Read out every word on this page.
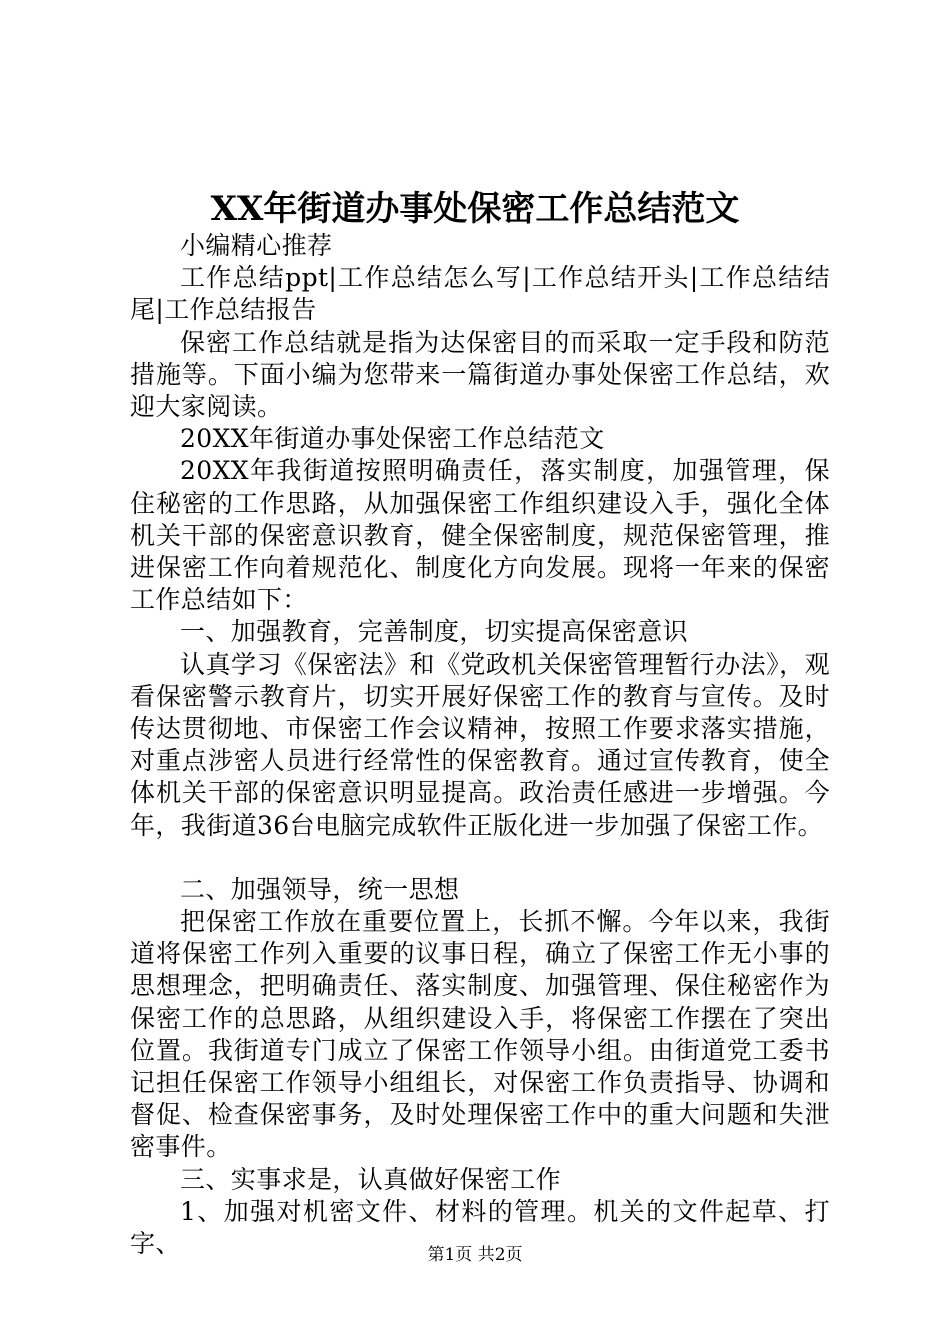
XX年街道办事处保密工作总结范文

小编精心推荐

工作总结ppt|工作总结怎么写|工作总结开头|工作总结结尾|工作总结报告

保密工作总结就是指为达保密目的而采取一定手段和防范措施等。下面小编为您带来一篇街道办事处保密工作总结，欢迎大家阅读。

20XX年街道办事处保密工作总结范文

20XX年我街道按照明确责任，落实制度，加强管理，保住秘密的工作思路，从加强保密工作组织建设入手，强化全体机关干部的保密意识教育，健全保密制度，规范保密管理，推进保密工作向着规范化、制度化方向发展。现将一年来的保密工作总结如下：

一、加强教育，完善制度，切实提高保密意识

认真学习《保密法》和《党政机关保密管理暂行办法》，观看保密警示教育片，切实开展好保密工作的教育与宣传。及时传达贯彻地、市保密工作会议精神，按照工作要求落实措施，对重点涉密人员进行经常性的保密教育。通过宣传教育，使全体机关干部的保密意识明显提高。政治责任感进一步增强。今年，我街道36台电脑完成软件正版化进一步加强了保密工作。

二、加强领导，统一思想

把保密工作放在重要位置上，长抓不懈。今年以来，我街道将保密工作列入重要的议事日程，确立了保密工作无小事的思想理念，把明确责任、落实制度、加强管理、保住秘密作为保密工作的总思路，从组织建设入手，将保密工作摆在了突出位置。我街道专门成立了保密工作领导小组。由街道党工委书记担任保密工作领导小组组长，对保密工作负责指导、协调和督促、检查保密事务，及时处理保密工作中的重大问题和失泄密事件。

三、实事求是，认真做好保密工作

1、加强对机密文件、材料的管理。机关的文件起草、打字、	第1页 共2页
